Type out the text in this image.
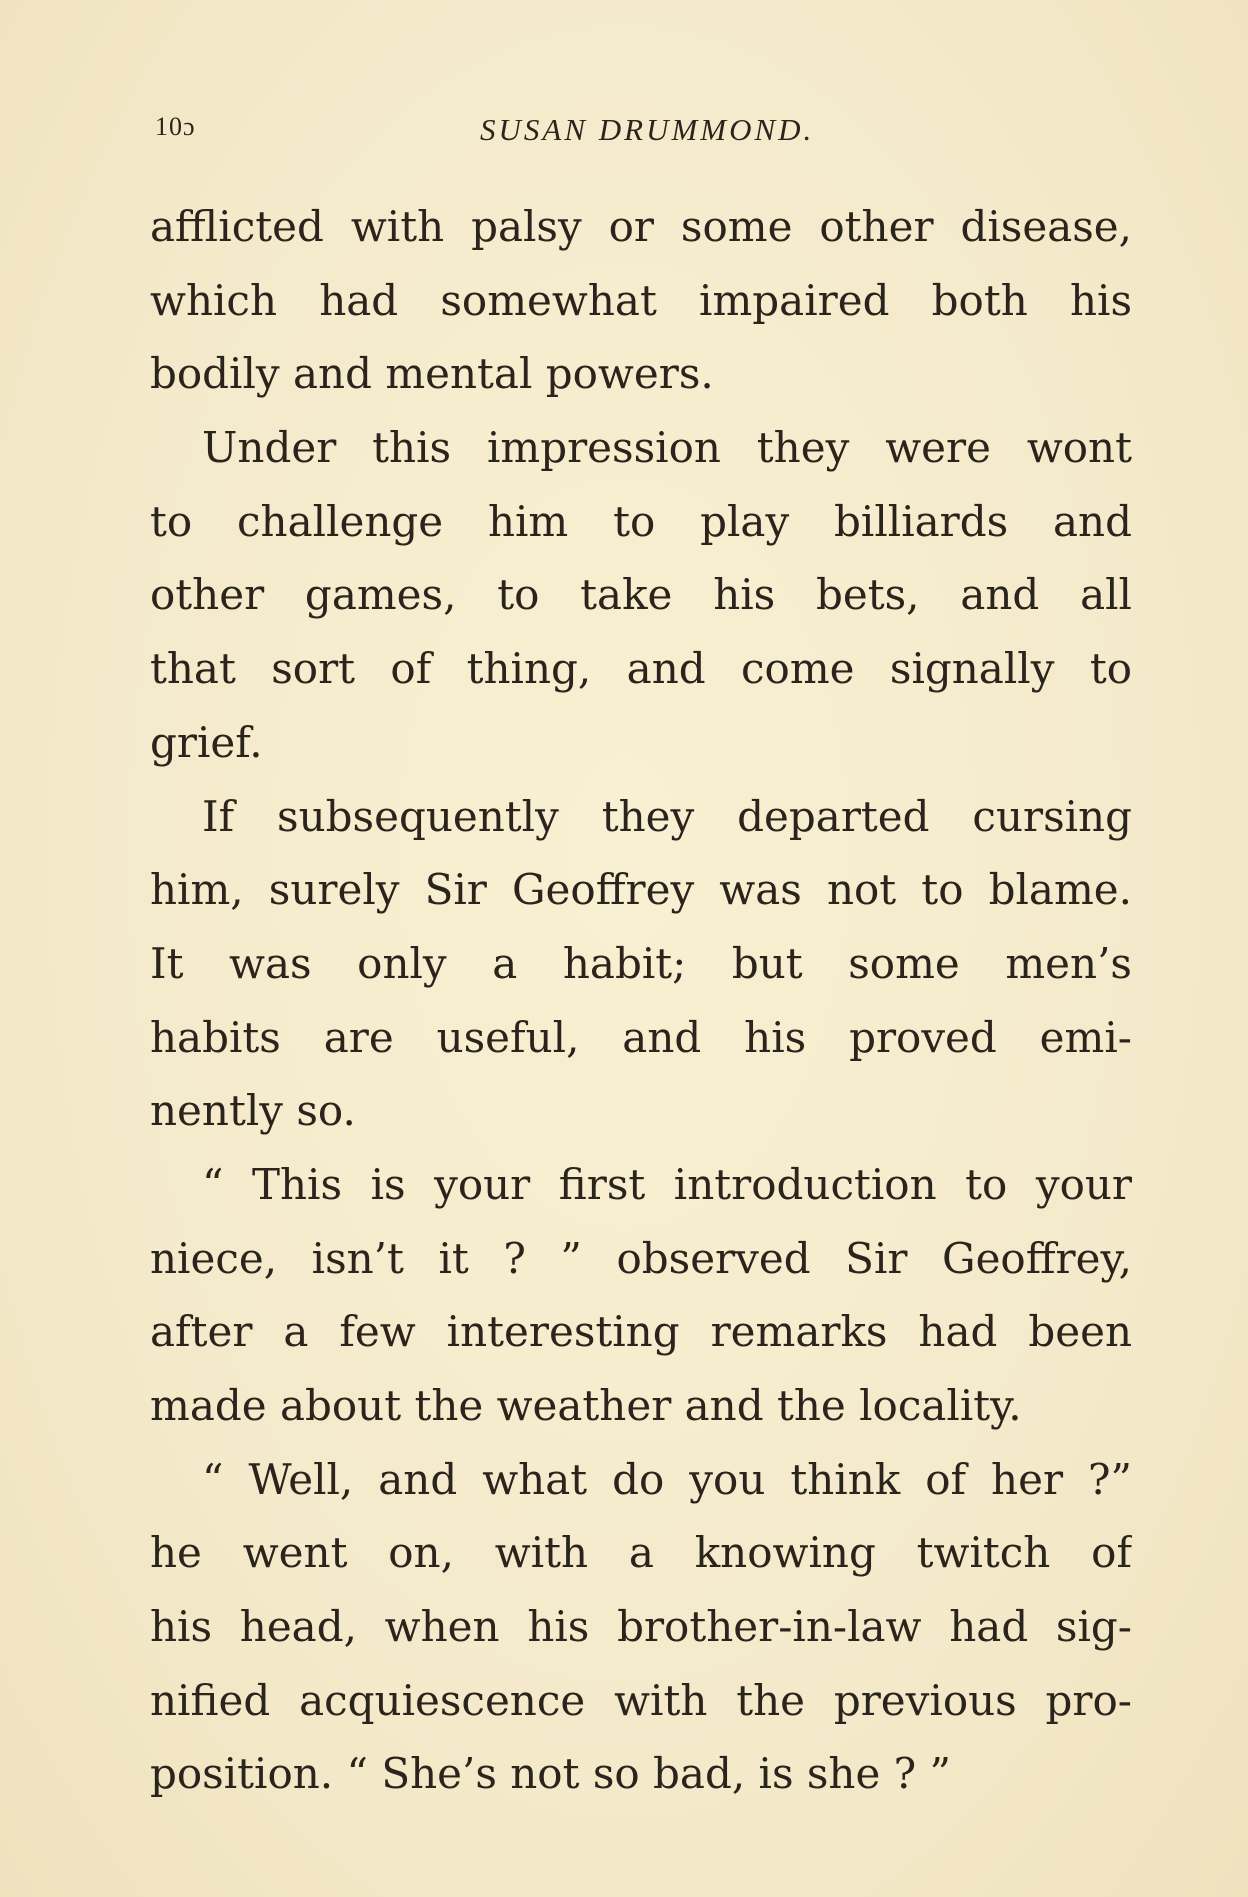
10ɔ	SUSAN DRUMMOND.
afflicted with palsy or some other disease,
which had somewhat impaired both his
bodily and mental powers.
Under this impression they were wont
to challenge him to play billiards and
other games, to take his bets, and all
that sort of thing, and come signally to
grief.
If subsequently they departed cursing
him, surely Sir Geoffrey was not to blame.
It was only a habit; but some men’s
habits are useful, and his proved emi-
nently so.
“ This is your first introduction to your
niece, isn’t it ? ” observed Sir Geoffrey,
after a few interesting remarks had been
made about the weather and the locality.
“ Well, and what do you think of her ?”
he went on, with a knowing twitch of
his head, when his brother-in-law had sig-
nified acquiescence with the previous pro-
position. “ She’s not so bad, is she ? ”
